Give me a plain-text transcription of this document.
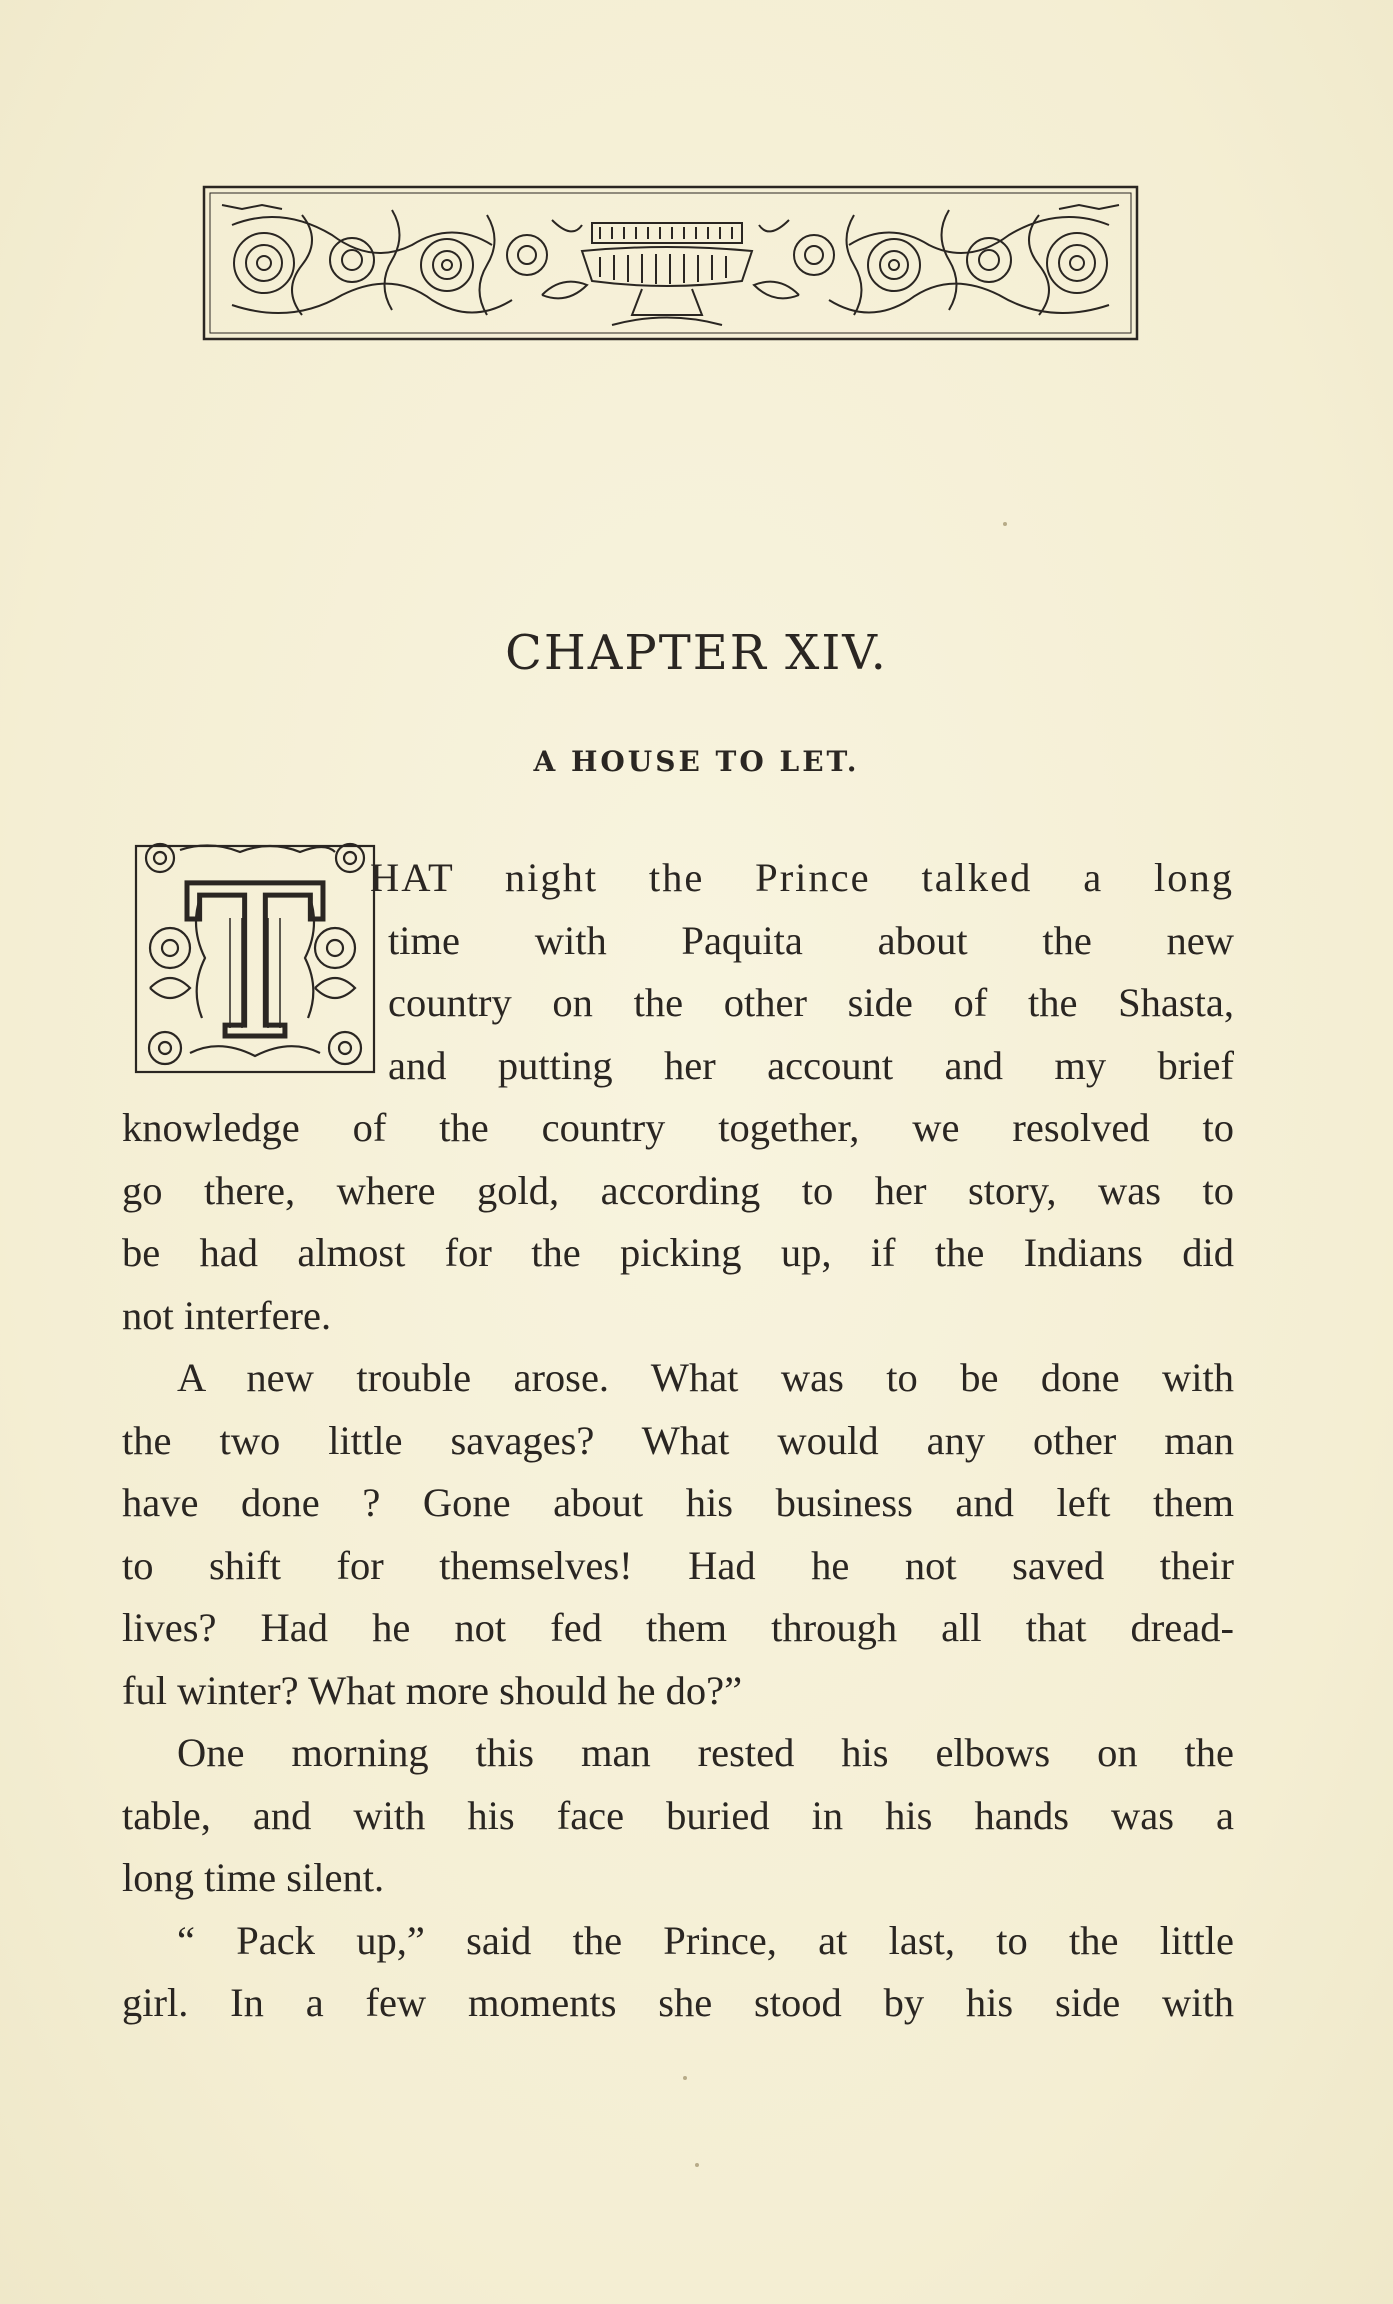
CHAPTER XIV.
A HOUSE TO LET.
T HAT night the Prince talked a long
time with Paquita about the new
country on the other side of the Shasta,
and putting her account and my brief
knowledge of the country together, we resolved to
go there, where gold, according to her story, was to
be had almost for the picking up, if the Indians did
not interfere.
A new trouble arose. What was to be done with
the two little savages? What would any other man
have done ? Gone about his business and left them
to shift for themselves! Had he not saved their
lives? Had he not fed them through all that dread-
ful winter? What more should he do?”
One morning this man rested his elbows on the
table, and with his face buried in his hands was a
long time silent.
“ Pack up,” said the Prince, at last, to the little
girl. In a few moments she stood by his side with
